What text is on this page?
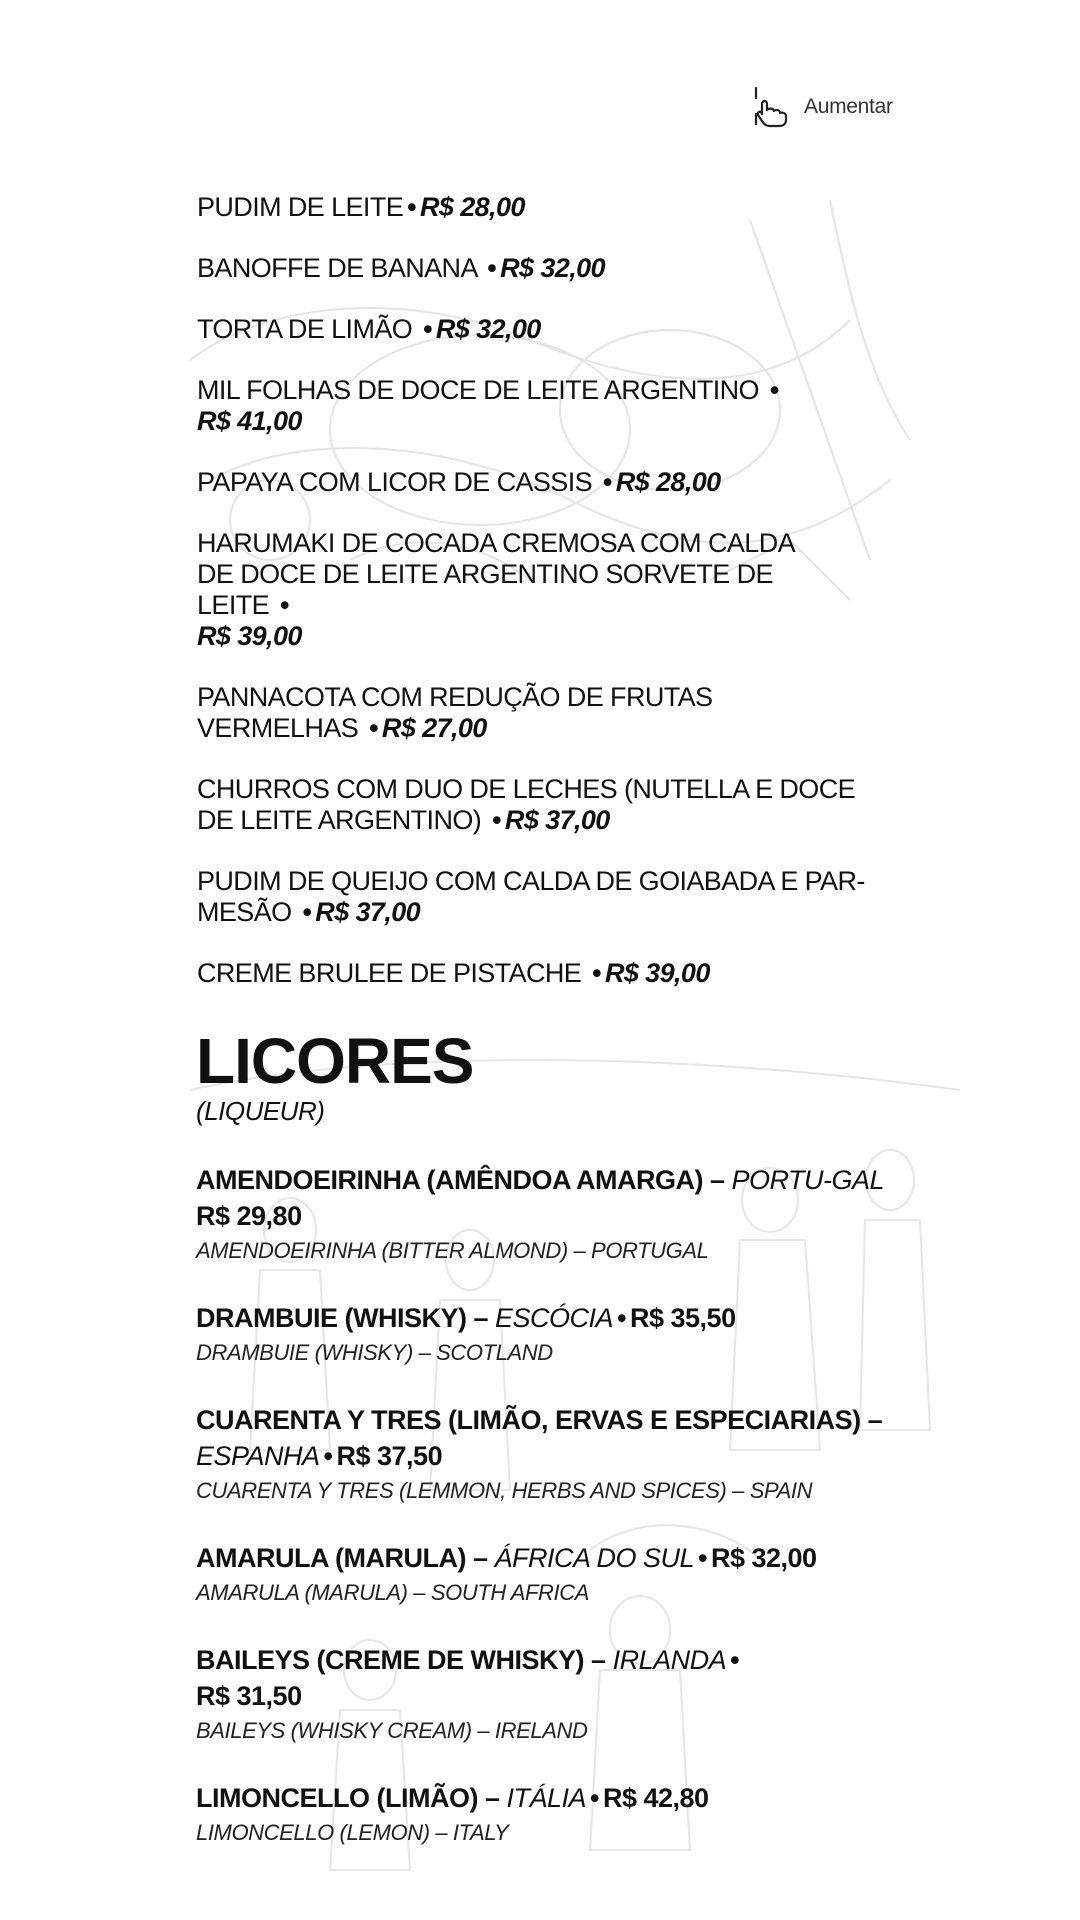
Aumentar
PUDIM DE LEITE • R$ 28,00
BANOFFE DE BANANA • R$ 32,00
TORTA DE LIMÃO • R$ 32,00
MIL FOLHAS DE DOCE DE LEITE ARGENTINO •
R$ 41,00
PAPAYA COM LICOR DE CASSIS • R$ 28,00
HARUMAKI DE COCADA CREMOSA COM CALDA DE DOCE DE LEITE ARGENTINO SORVETE DE LEITE •
R$ 39,00
PANNACOTA COM REDUÇÃO DE FRUTAS VERMELHAS • R$ 27,00
CHURROS COM DUO DE LECHES (NUTELLA E DOCE DE LEITE ARGENTINO) • R$ 37,00
PUDIM DE QUEIJO COM CALDA DE GOIABADA E PAR-MESÃO • R$ 37,00
CREME BRULEE DE PISTACHE • R$ 39,00
LICORES
(LIQUEUR)
AMENDOEIRINHA (AMÊNDOA AMARGA) – PORTU-GAL R$ 29,80
AMENDOEIRINHA (BITTER ALMOND) – PORTUGAL
DRAMBUIE (WHISKY) – ESCÓCIA • R$ 35,50
DRAMBUIE (WHISKY) – SCOTLAND
CUARENTA Y TRES (LIMÃO, ERVAS E ESPECIARIAS) – ESPANHA • R$ 37,50
CUARENTA Y TRES (LEMMON, HERBS AND SPICES) – SPAIN
AMARULA (MARULA) – ÁFRICA DO SUL • R$ 32,00
AMARULA (MARULA) – SOUTH AFRICA
BAILEYS (CREME DE WHISKY) – IRLANDA •
R$ 31,50
BAILEYS (WHISKY CREAM) – IRELAND
LIMONCELLO (LIMÃO) – ITÁLIA • R$ 42,80
LIMONCELLO (LEMON) – ITALY
